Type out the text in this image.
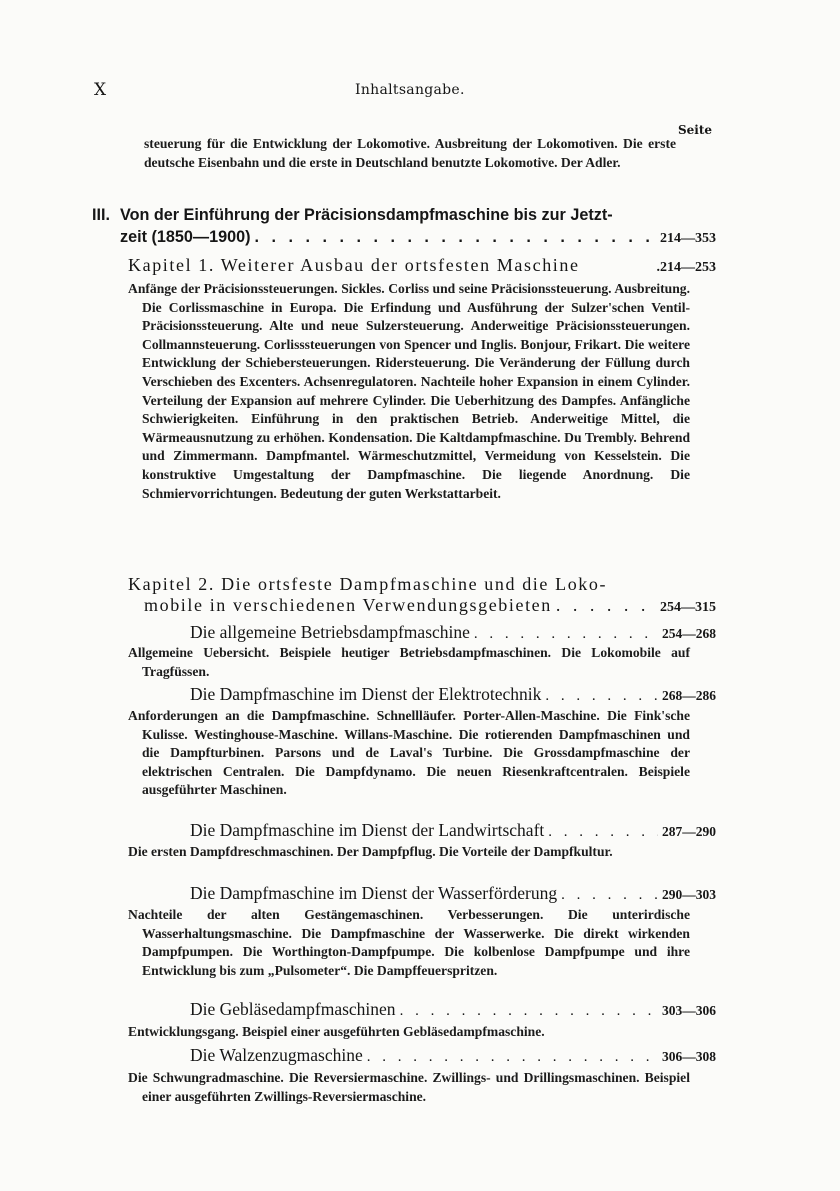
X	Inhaltsangabe.
Seite
steuerung für die Entwicklung der Lokomotive. Ausbreitung der Lokomotiven. Die erste deutsche Eisenbahn und die erste in Deutschland benutzte Lokomotive. Der Adler.
III. Von der Einführung der Präcisionsdampfmaschine bis zur Jetzt-
zeit (1850—1900) . . .	214—353
Kapitel 1. Weiterer Ausbau der ortsfesten Maschine	.214—253
Anfänge der Präcisionssteuerungen. Sickles. Corliss und seine Präcisionssteuerung. Ausbreitung. Die Corlissmaschine in Europa. Die Erfindung und Ausführung der Sulzer'schen Ventil-Präcisionssteuerung. Alte und neue Sulzersteuerung. Anderweitige Präcisionssteuerungen. Collmannsteuerung. Corlisssteuerungen von Spencer und Inglis. Bonjour, Frikart. Die weitere Entwicklung der Schiebersteuerungen. Ridersteuerung. Die Veränderung der Füllung durch Verschieben des Excenters. Achsenregulatoren. Nachteile hoher Expansion in einem Cylinder. Verteilung der Expansion auf mehrere Cylinder. Die Ueberhitzung des Dampfes. Anfängliche Schwierigkeiten. Einführung in den praktischen Betrieb. Anderweitige Mittel, die Wärmeausnutzung zu erhöhen. Kondensation. Die Kaltdampfmaschine. Du Trembly. Behrend und Zimmermann. Dampfmantel. Wärmeschutzmittel, Vermeidung von Kesselstein. Die konstruktive Umgestaltung der Dampfmaschine. Die liegende Anordnung. Die Schmiervorrichtungen. Bedeutung der guten Werkstattarbeit.
Kapitel 2. Die ortsfeste Dampfmaschine und die Loko-
mobile in verschiedenen Verwendungsgebieten . . .	254—315
Die allgemeine Betriebsdampfmaschine . . .	254—268
Allgemeine Uebersicht. Beispiele heutiger Betriebsdampfmaschinen. Die Lokomobile auf Tragfüssen.
Die Dampfmaschine im Dienst der Elektrotechnik . . .	268—286
Anforderungen an die Dampfmaschine. Schnellläufer. Porter-Allen-Maschine. Die Fink'sche Kulisse. Westinghouse-Maschine. Willans-Maschine. Die rotierenden Dampfmaschinen und die Dampfturbinen. Parsons und de Laval's Turbine. Die Grossdampfmaschine der elektrischen Centralen. Die Dampfdynamo. Die neuen Riesenkraftcentralen. Beispiele ausgeführter Maschinen.
Die Dampfmaschine im Dienst der Landwirtschaft . . .	287—290
Die ersten Dampfdreschmaschinen. Der Dampfpflug. Die Vorteile der Dampfkultur.
Die Dampfmaschine im Dienst der Wasserförderung . . .	290—303
Nachteile der alten Gestängemaschinen. Verbesserungen. Die unterirdische Wasserhaltungsmaschine. Die Dampfmaschine der Wasserwerke. Die direkt wirkenden Dampfpumpen. Die Worthington-Dampfpumpe. Die kolbenlose Dampfpumpe und ihre Entwicklung bis zum „Pulsometer“. Die Dampffeuerspritzen.
Die Gebläsedampfmaschinen . . .	303—306
Entwicklungsgang. Beispiel einer ausgeführten Gebläsedampfmaschine.
Die Walzenzugmaschine . . .	306—308
Die Schwungradmaschine. Die Reversiermaschine. Zwillings- und Drillingsmaschinen. Beispiel einer ausgeführten Zwillings-Reversiermaschine.
